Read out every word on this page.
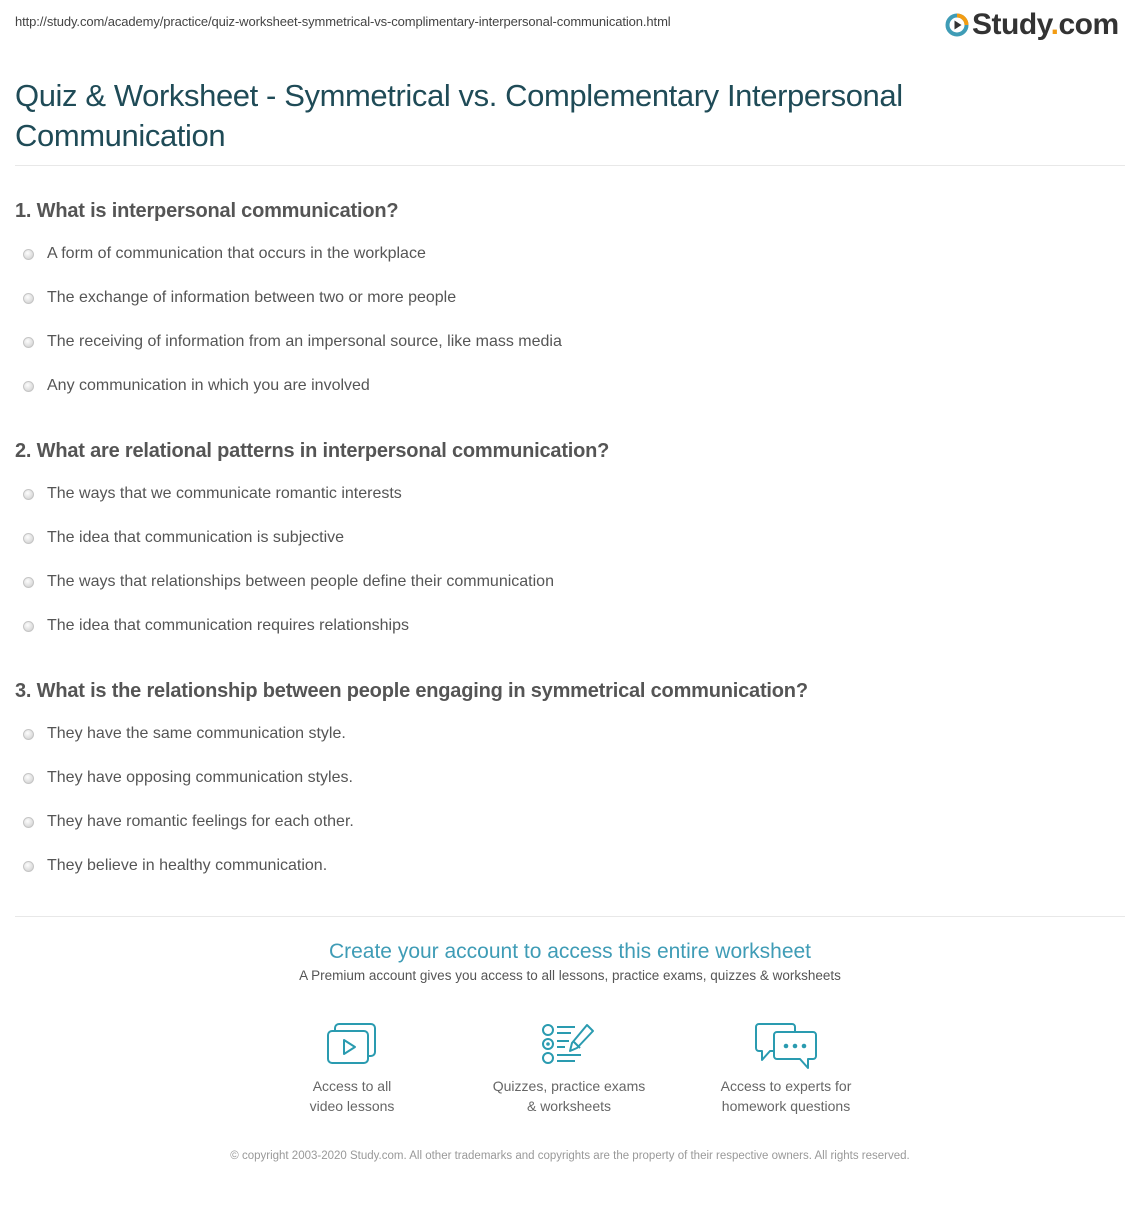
http://study.com/academy/practice/quiz-worksheet-symmetrical-vs-complimentary-interpersonal-communication.html	Study.com
Quiz & Worksheet - Symmetrical vs. Complementary Interpersonal Communication
1. What is interpersonal communication?
A form of communication that occurs in the workplace
The exchange of information between two or more people
The receiving of information from an impersonal source, like mass media
Any communication in which you are involved
2. What are relational patterns in interpersonal communication?
The ways that we communicate romantic interests
The idea that communication is subjective
The ways that relationships between people define their communication
The idea that communication requires relationships
3. What is the relationship between people engaging in symmetrical communication?
They have the same communication style.
They have opposing communication styles.
They have romantic feelings for each other.
They believe in healthy communication.
Create your account to access this entire worksheet
A Premium account gives you access to all lessons, practice exams, quizzes & worksheets
Access to all
video lessons
Quizzes, practice exams
& worksheets
Access to experts for
homework questions
© copyright 2003-2020 Study.com. All other trademarks and copyrights are the property of their respective owners. All rights reserved.
